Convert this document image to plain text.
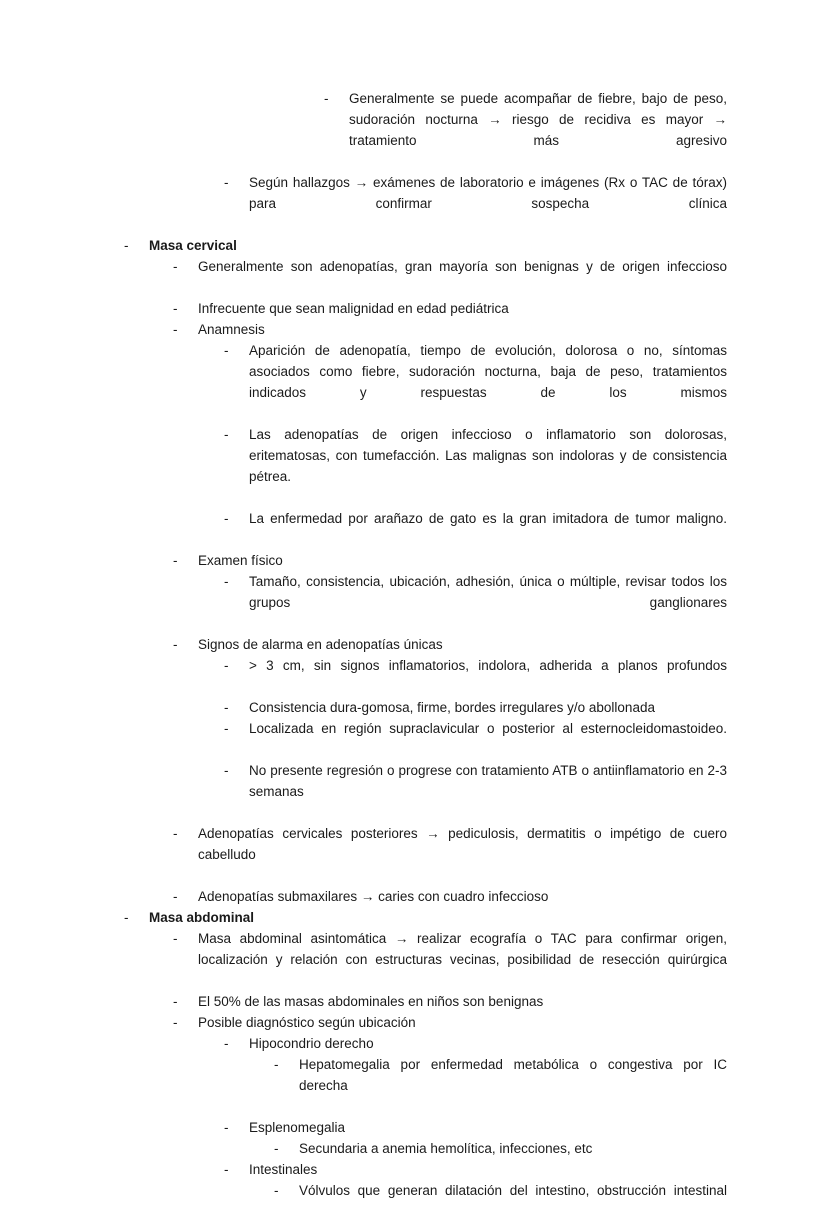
-	Generalmente se puede acompañar de fiebre, bajo de peso, sudoración nocturna → riesgo de recidiva es mayor → tratamiento más agresivo
-	Según hallazgos → exámenes de laboratorio e imágenes (Rx o TAC de tórax) para confirmar sospecha clínica
-	Masa cervical
-	Generalmente son adenopatías, gran mayoría son benignas y de origen infeccioso
-	Infrecuente que sean malignidad en edad pediátrica
-	Anamnesis
-	Aparición de adenopatía, tiempo de evolución, dolorosa o no, síntomas asociados como fiebre, sudoración nocturna, baja de peso, tratamientos indicados y respuestas de los mismos
-	Las adenopatías de origen infeccioso o inflamatorio son dolorosas, eritematosas, con tumefacción. Las malignas son indoloras y de consistencia pétrea.
-	La enfermedad por arañazo de gato es la gran imitadora de tumor maligno.
-	Examen físico
-	Tamaño, consistencia, ubicación, adhesión, única o múltiple, revisar todos los grupos ganglionares
-	Signos de alarma en adenopatías únicas
-	> 3 cm, sin signos inflamatorios, indolora, adherida a planos profundos
-	Consistencia dura-gomosa, firme, bordes irregulares y/o abollonada
-	Localizada en región supraclavicular o posterior al esternocleidomastoideo.
-	No presente regresión o progrese con tratamiento ATB o antiinflamatorio en 2-3 semanas
-	Adenopatías cervicales posteriores → pediculosis, dermatitis o impétigo de cuero cabelludo
-	Adenopatías submaxilares → caries con cuadro infeccioso
-	Masa abdominal
-	Masa abdominal asintomática → realizar ecografía o TAC para confirmar origen, localización y relación con estructuras vecinas, posibilidad de resección quirúrgica
-	El 50% de las masas abdominales en niños son benignas
-	Posible diagnóstico según ubicación
-	Hipocondrio derecho
-	Hepatomegalia por enfermedad metabólica o congestiva por IC derecha
-	Esplenomegalia
-	Secundaria a anemia hemolítica, infecciones, etc
-	Intestinales
-	Vólvulos que generan dilatación del intestino, obstrucción intestinal
